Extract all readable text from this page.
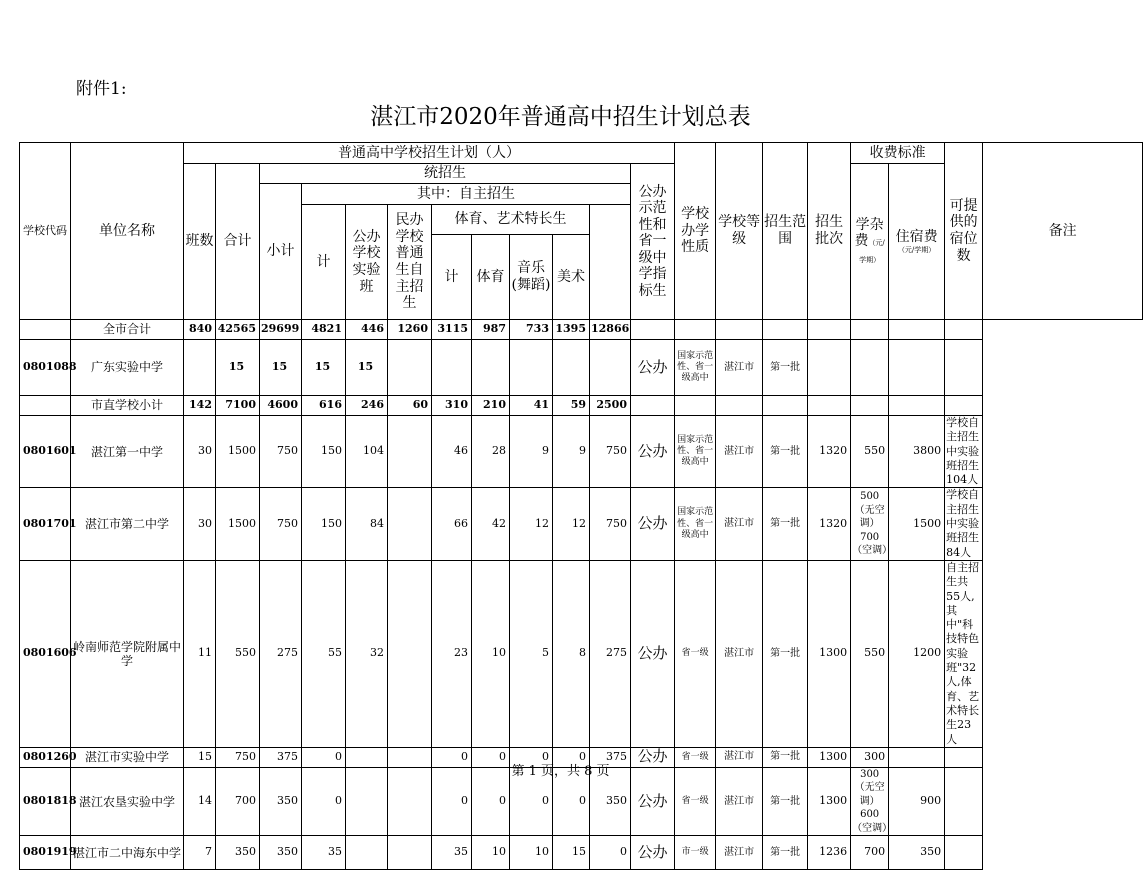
附件1:
湛江市2020年普通高中招生计划总表
学校代码	单位名称	普通高中学校招生计划（人）												学校办学性质	学校等级	招生范围	招生批次	收费标准		可提供的宿位数	备注
		班数	合计	统招生									公办示范性和省一级中学指标生					学杂费（元/学期）	住宿费
（元/学期）		

				小计	其中：自主招生																
					计	公办学校实验班	民办学校普通生自主招生	体育、艺术特长生													
								计	体育	音乐(舞蹈)	美术										
	全市合计	840	42565	29699	4821	446	1260	3115	987	733	1395	12866									
0801088	广东实验中学		15	15	15	15							公办	国家示范性、省一级高中	湛江市	第一批					
	市直学校小计	142	7100	4600	616	246	60	310	210	41	59	2500									
0801601	湛江第一中学	30	1500	750	150	104		46	28	9	9	750	公办	国家示范性、省一级高中	湛江市	第一批	1320	550	3800	学校自主招生中实验班招生104人	
0801701	湛江市第二中学	30	1500	750	150	84		66	42	12	12	750	公办	国家示范性、省一级高中	湛江市	第一批	1320	500（无空调）700（空调）	1500	学校自主招生中实验班招生84人	
0801606	岭南师范学院附属中学	11	550	275	55	32		23	10	5	8	275	公办	省一级	湛江市	第一批	1300	550	1200	自主招生共55人,其中"科技特色实验班"32人,体育、艺术特长生23人	
0801260	湛江市实验中学	15	750	375	0			0	0	0	0	375	公办	省一级	湛江市	第一批	1300	300			
0801818	湛江农垦实验中学	14	700	350	0			0	0	0	0	350	公办	省一级	湛江市	第一批	1300	300（无空调）600（空调）	900		
0801919	湛江市二中海东中学	7	350	350	35			35	10	10	15	0	公办	市一级	湛江市	第一批	1236	700	350		
第 1 页，共 8 页
